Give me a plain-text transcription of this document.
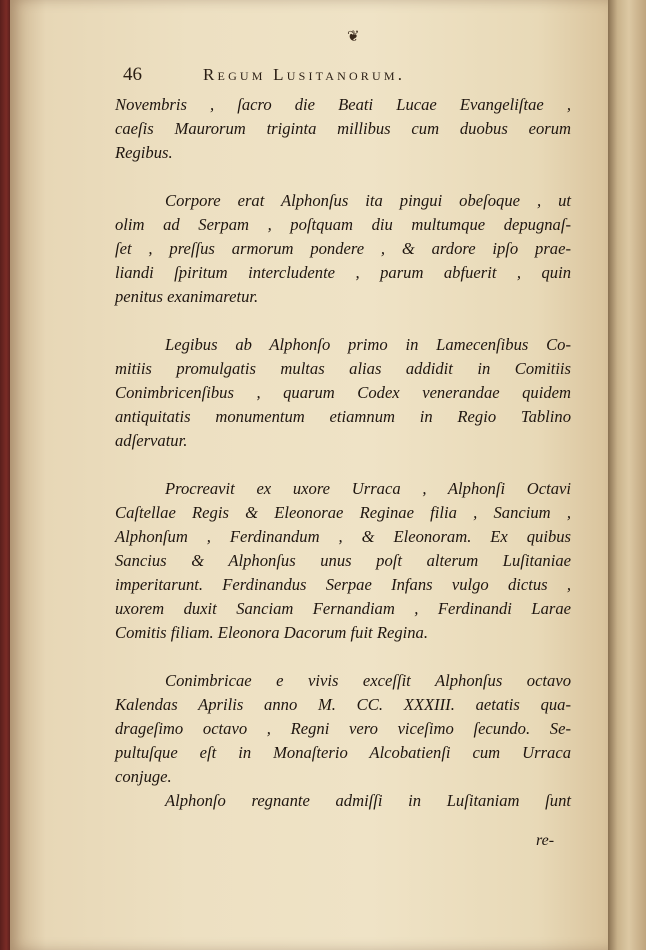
❦
46	Regum Lusitanorum.
Novembris , ſacro die Beati Lucae Evangeliſtae ,
caeſis Maurorum triginta millibus cum duobus eorum
Regibus.
Corpore erat Alphonſus ita pingui obeſoque , ut
olim ad Serpam , poſtquam diu multumque depugnaſ-
ſet , preſſus armorum pondere , & ardore ipſo prae-
liandi ſpiritum intercludente , parum abfuerit , quin
penitus exanimaretur.
Legibus ab Alphonſo primo in Lamecenſibus Co-
mitiis promulgatis multas alias addidit in Comitiis
Conimbricenſibus , quarum Codex venerandae quidem
antiquitatis monumentum etiamnum in Regio Tablino
adſervatur.
Procreavit ex uxore Urraca , Alphonſi Octavi
Caſtellae Regis & Eleonorae Reginae filia , Sancium ,
Alphonſum , Ferdinandum , & Eleonoram. Ex quibus
Sancius & Alphonſus unus poſt alterum Luſitaniae
imperitarunt. Ferdinandus Serpae Infans vulgo dictus ,
uxorem duxit Sanciam Fernandiam , Ferdinandi Larae
Comitis filiam. Eleonora Dacorum fuit Regina.
Conimbricae e vivis exceſſit Alphonſus octavo
Kalendas Aprilis anno M. CC. XXXIII. aetatis qua-
drageſimo octavo , Regni vero viceſimo ſecundo. Se-
pultuſque eſt in Monaſterio Alcobatienſi cum Urraca
conjuge.
Alphonſo regnante admiſſi in Luſitaniam ſunt
re-
